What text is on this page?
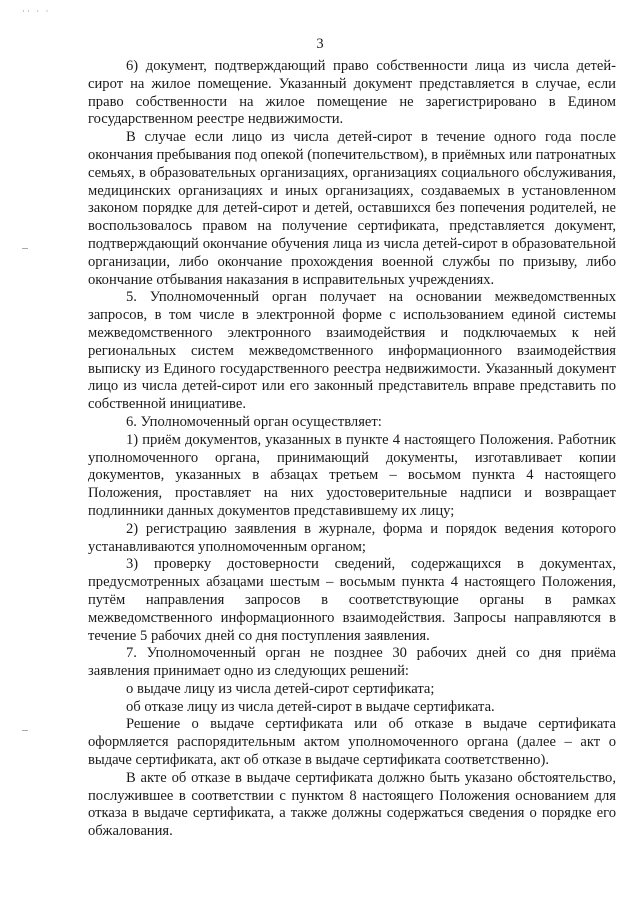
·· · ·
3

6) документ, подтверждающий право собственности лица из числа детей-сирот на жилое помещение. Указанный документ представляется в случае, если право собственности на жилое помещение не зарегистрировано в Едином государственном реестре недвижимости.

В случае если лицо из числа детей-сирот в течение одного года после окончания пребывания под опекой (попечительством), в приёмных или патронатных семьях, в образовательных организациях, организациях социального обслуживания, медицинских организациях и иных организациях, создаваемых в установленном законом порядке для детей-сирот и детей, оставшихся без попечения родителей, не воспользовалось правом на получение сертификата, представляется документ, подтверждающий окончание обучения лица из числа детей-сирот в образовательной организации, либо окончание прохождения военной службы по призыву, либо окончание отбывания наказания в исправительных учреждениях.

5. Уполномоченный орган получает на основании межведомственных запросов, в том числе в электронной форме с использованием единой системы межведомственного электронного взаимодействия и подключаемых к ней региональных систем межведомственного информационного взаимодействия выписку из Единого государственного реестра недвижимости. Указанный документ лицо из числа детей-сирот или его законный представитель вправе представить по собственной инициативе.

6. Уполномоченный орган осуществляет:

1) приём документов, указанных в пункте 4 настоящего Положения. Работник уполномоченного органа, принимающий документы, изготавливает копии документов, указанных в абзацах третьем – восьмом пункта 4 настоящего Положения, проставляет на них удостоверительные надписи и возвращает подлинники данных документов представившему их лицу;

2) регистрацию заявления в журнале, форма и порядок ведения которого устанавливаются уполномоченным органом;

3) проверку достоверности сведений, содержащихся в документах, предусмотренных абзацами шестым – восьмым пункта 4 настоящего Положения, путём направления запросов в соответствующие органы в рамках межведомственного информационного взаимодействия. Запросы направляются в течение 5 рабочих дней со дня поступления заявления.

7. Уполномоченный орган не позднее 30 рабочих дней со дня приёма заявления принимает одно из следующих решений:

о выдаче лицу из числа детей-сирот сертификата;

об отказе лицу из числа детей-сирот в выдаче сертификата.

Решение о выдаче сертификата или об отказе в выдаче сертификата оформляется распорядительным актом уполномоченного органа (далее – акт о выдаче сертификата, акт об отказе в выдаче сертификата соответственно).

В акте об отказе в выдаче сертификата должно быть указано обстоятельство, послужившее в соответствии с пунктом 8 настоящего Положения основанием для отказа в выдаче сертификата, а также должны содержаться сведения о порядке его обжалования.
